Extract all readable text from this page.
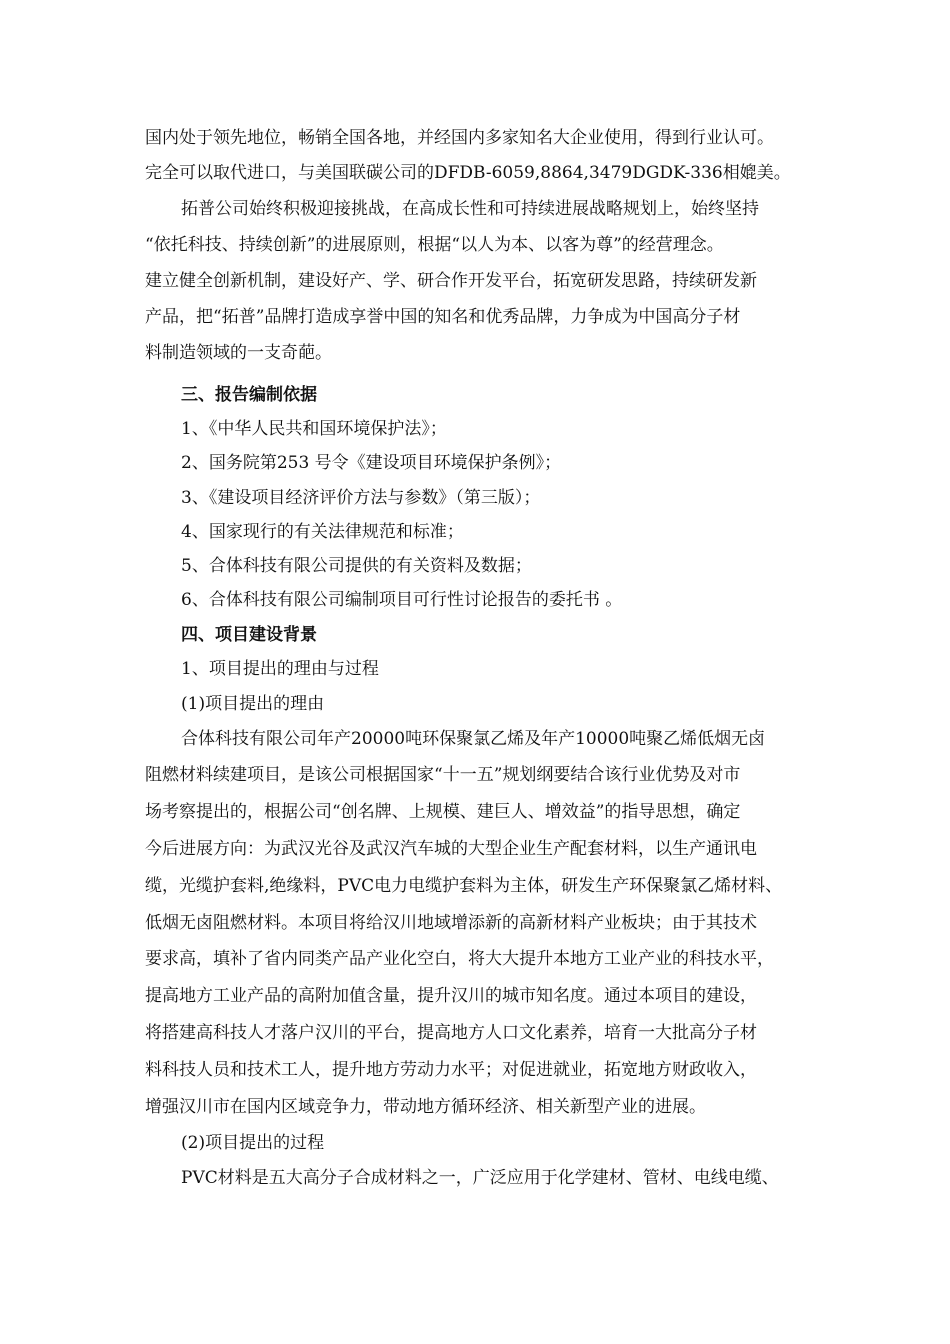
国内处于领先地位，畅销全国各地，并经国内多家知名大企业使用，得到行业认可。
完全可以取代进口，与美国联碳公司的DFDB-6059,8864,3479DGDK-336相媲美。
拓普公司始终积极迎接挑战，在高成长性和可持续进展战略规划上，始终坚持
“依托科技、持续创新”的进展原则，根据“以人为本、以客为尊”的经营理念。
建立健全创新机制，建设好产、学、研合作开发平台，拓宽研发思路，持续研发新
产品，把“拓普”品牌打造成享誉中国的知名和优秀品牌，力争成为中国高分子材
料制造领域的一支奇葩。
三、报告编制依据
1、《中华人民共和国环境保护法》；
2、国务院第253 号令《建设项目环境保护条例》；
3、《建设项目经济评价方法与参数》（第三版）；
4、国家现行的有关法律规范和标准；
5、合体科技有限公司提供的有关资料及数据；
6、合体科技有限公司编制项目可行性讨论报告的委托书 。
四、项目建设背景
1、项目提出的理由与过程
(1)项目提出的理由
合体科技有限公司年产20000吨环保聚氯乙烯及年产10000吨聚乙烯低烟无卤
阻燃材料续建项目，是该公司根据国家“十一五”规划纲要结合该行业优势及对市
场考察提出的，根据公司“创名牌、上规模、建巨人、增效益”的指导思想，确定
今后进展方向：为武汉光谷及武汉汽车城的大型企业生产配套材料，以生产通讯电
缆，光缆护套料,绝缘料，PVC电力电缆护套料为主体，研发生产环保聚氯乙烯材料、
低烟无卤阻燃材料。本项目将给汉川地域增添新的高新材料产业板块；由于其技术
要求高，填补了省内同类产品产业化空白，将大大提升本地方工业产业的科技水平，
提高地方工业产品的高附加值含量，提升汉川的城市知名度。通过本项目的建设，
将搭建高科技人才落户汉川的平台，提高地方人口文化素养，培育一大批高分子材
料科技人员和技术工人，提升地方劳动力水平；对促进就业，拓宽地方财政收入，
增强汉川市在国内区域竞争力，带动地方循环经济、相关新型产业的进展。
(2)项目提出的过程
PVC材料是五大高分子合成材料之一，广泛应用于化学建材、管材、电线电缆、
